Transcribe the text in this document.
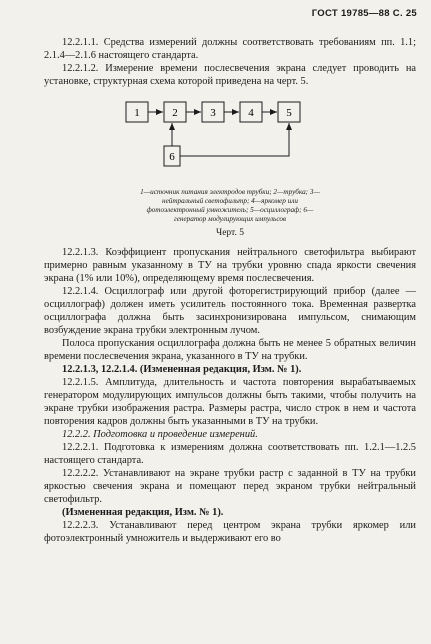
ГОСТ 19785—88 С. 25

12.2.1.1. Средства измерений должны соответствовать требованиям пп. 1.1; 2.1.4—2.1.6 настоящего стандарта.

12.2.1.2. Измерение времени послесвечения экрана следует проводить на установке, структурная схема которой приведена на черт. 5.

1	2	3	4	5
6
1—источник питания электродов трубки; 2—трубка; 3—нейтральный светофильтр; 4—яркомер или фотоэлектронный умножитель; 5—осциллограф; 6—генератор модулирующих импульсов
Черт. 5

12.2.1.3. Коэффициент пропускания нейтрального светофильтра выбирают примерно равным указанному в ТУ на трубки уровню спада яркости свечения экрана (1% или 10%), определяющему время послесвечения.

12.2.1.4. Осциллограф или другой фоторегистрирующий прибор (далее — осциллограф) должен иметь усилитель постоянного тока. Временная развертка осциллографа должна быть засинхронизирована импульсом, снимающим возбуждение экрана трубки электронным лучом.

Полоса пропускания осциллографа должна быть не менее 5 обратных величин времени послесвечения экрана, указанного в ТУ на трубки.

12.2.1.3, 12.2.1.4. (Измененная редакция, Изм. № 1).

12.2.1.5. Амплитуда, длительность и частота повторения вырабатываемых генератором модулирующих импульсов должны быть такими, чтобы получить на экране трубки изображения растра. Размеры растра, число строк в нем и частота повторения кадров должны быть указанными в ТУ на трубки.

12.2.2. Подготовка и проведение измерений.

12.2.2.1. Подготовка к измерениям должна соответствовать пп. 1.2.1—1.2.5 настоящего стандарта.

12.2.2.2. Устанавливают на экране трубки растр с заданной в ТУ на трубки яркостью свечения экрана и помещают перед экраном трубки нейтральный светофильтр.

(Измененная редакция, Изм. № 1).

12.2.2.3. Устанавливают перед центром экрана трубки яркомер или фотоэлектронный умножитель и выдерживают его во
